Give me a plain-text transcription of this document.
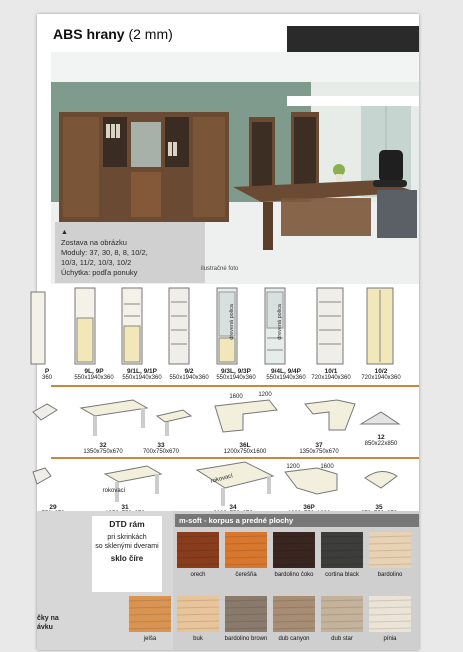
ABS hrany (2 mm)
▲
Zostava na obrázku
Moduly: 37, 30, 8, 8, 10/2,
10/3, 11/2, 10/3, 10/2
Úchytka: podľa ponuky	ilustračné foto
drevená polica	drevená polica
P
360
9L, 9P
550x1940x360
9/1L, 9/1P
550x1940x360
9/2
550x1940x360
9/3L, 9/3P
550x1940x360
9/4L, 9/4P
550x1940x360
10/1
720x1940x360
10/2
720x1940x360
1600	1200
32
1350x750x670
33
700x750x670
36L
1200x750x1600
37
1350x750x670
12
850x22x850
rokovací
rokovací
1200	1600
29	31	34	36P	35
DTD rám
pri skrinkách
so sklenými dverami
sklo číre
čky na
ávku
m-soft - korpus a predné plochy
orech	čerešňa	bardolino čoko cortina black	bardolino
jelša	buk	bardolino brown dub canyon	dub star	pínia
